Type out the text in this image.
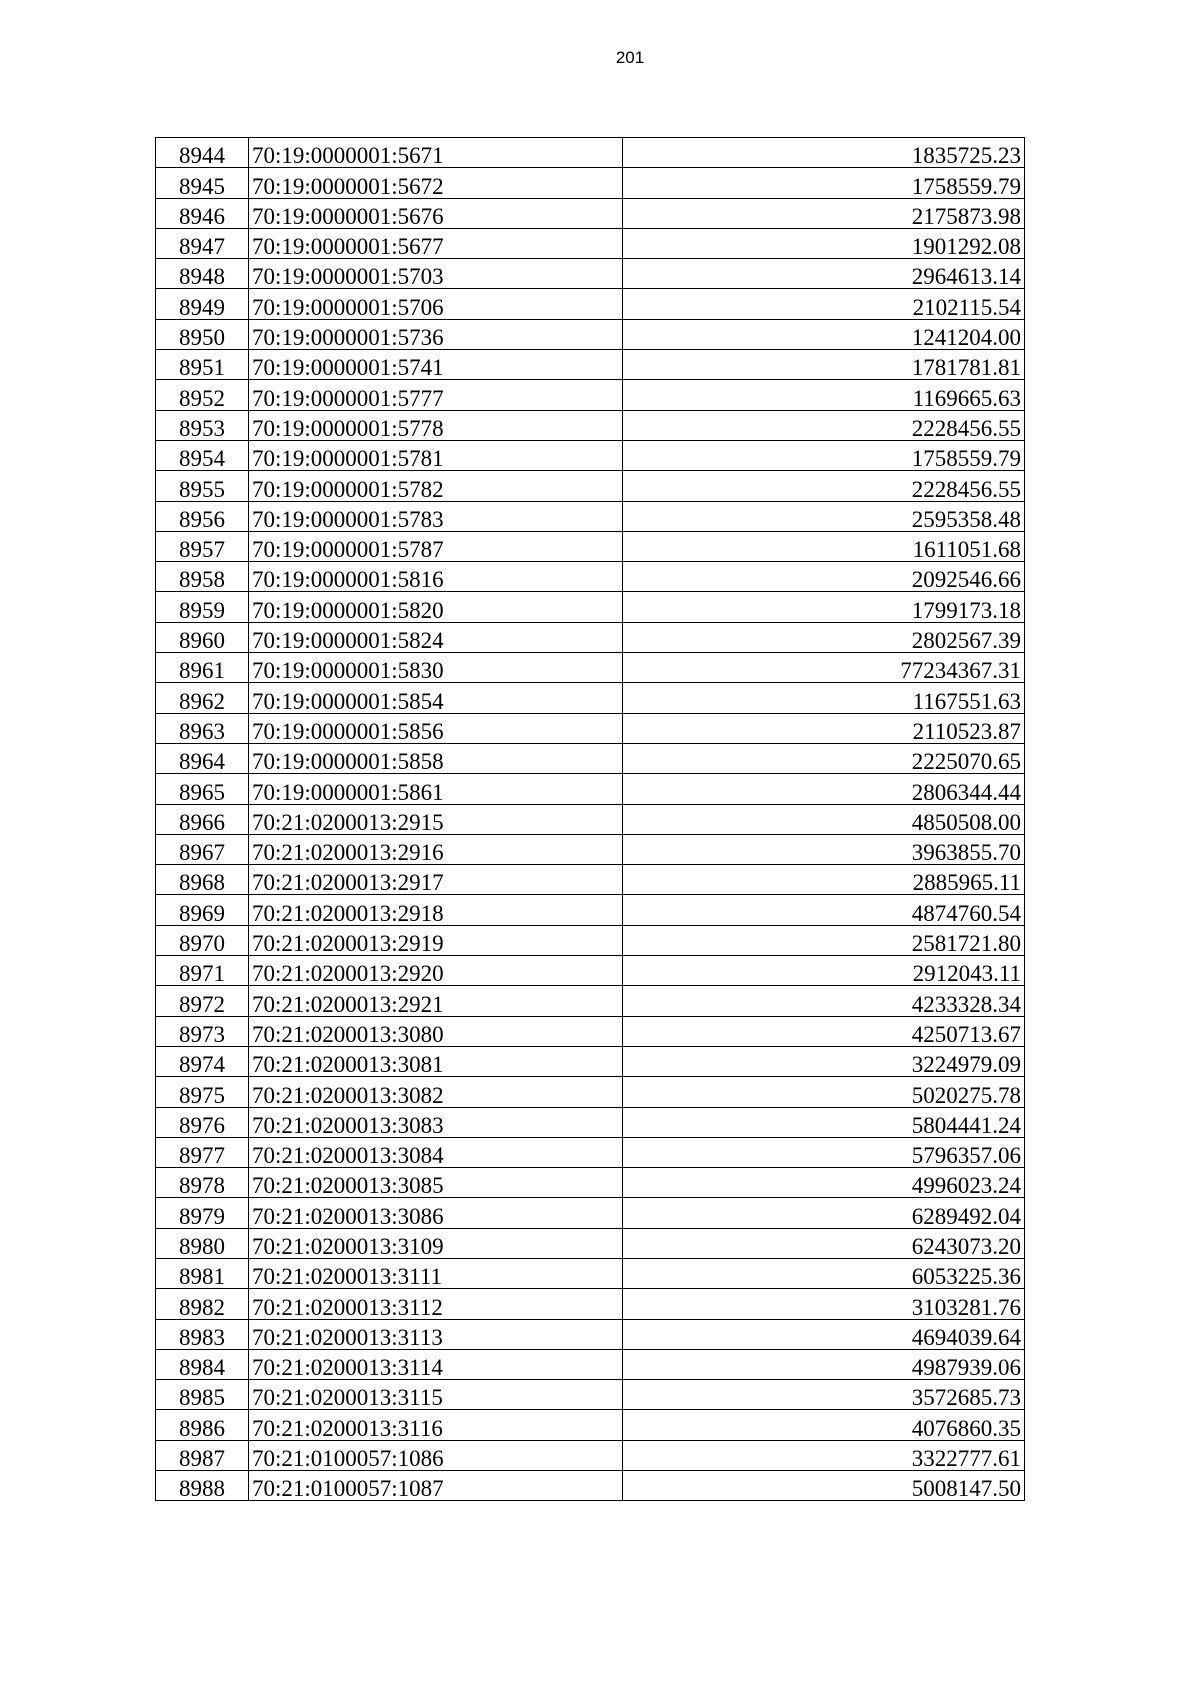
201
8944	70:19:0000001:5671	1835725.23
8945	70:19:0000001:5672	1758559.79
8946	70:19:0000001:5676	2175873.98
8947	70:19:0000001:5677	1901292.08
8948	70:19:0000001:5703	2964613.14
8949	70:19:0000001:5706	2102115.54
8950	70:19:0000001:5736	1241204.00
8951	70:19:0000001:5741	1781781.81
8952	70:19:0000001:5777	1169665.63
8953	70:19:0000001:5778	2228456.55
8954	70:19:0000001:5781	1758559.79
8955	70:19:0000001:5782	2228456.55
8956	70:19:0000001:5783	2595358.48
8957	70:19:0000001:5787	1611051.68
8958	70:19:0000001:5816	2092546.66
8959	70:19:0000001:5820	1799173.18
8960	70:19:0000001:5824	2802567.39
8961	70:19:0000001:5830	77234367.31
8962	70:19:0000001:5854	1167551.63
8963	70:19:0000001:5856	2110523.87
8964	70:19:0000001:5858	2225070.65
8965	70:19:0000001:5861	2806344.44
8966	70:21:0200013:2915	4850508.00
8967	70:21:0200013:2916	3963855.70
8968	70:21:0200013:2917	2885965.11
8969	70:21:0200013:2918	4874760.54
8970	70:21:0200013:2919	2581721.80
8971	70:21:0200013:2920	2912043.11
8972	70:21:0200013:2921	4233328.34
8973	70:21:0200013:3080	4250713.67
8974	70:21:0200013:3081	3224979.09
8975	70:21:0200013:3082	5020275.78
8976	70:21:0200013:3083	5804441.24
8977	70:21:0200013:3084	5796357.06
8978	70:21:0200013:3085	4996023.24
8979	70:21:0200013:3086	6289492.04
8980	70:21:0200013:3109	6243073.20
8981	70:21:0200013:3111	6053225.36
8982	70:21:0200013:3112	3103281.76
8983	70:21:0200013:3113	4694039.64
8984	70:21:0200013:3114	4987939.06
8985	70:21:0200013:3115	3572685.73
8986	70:21:0200013:3116	4076860.35
8987	70:21:0100057:1086	3322777.61
8988	70:21:0100057:1087	5008147.50
